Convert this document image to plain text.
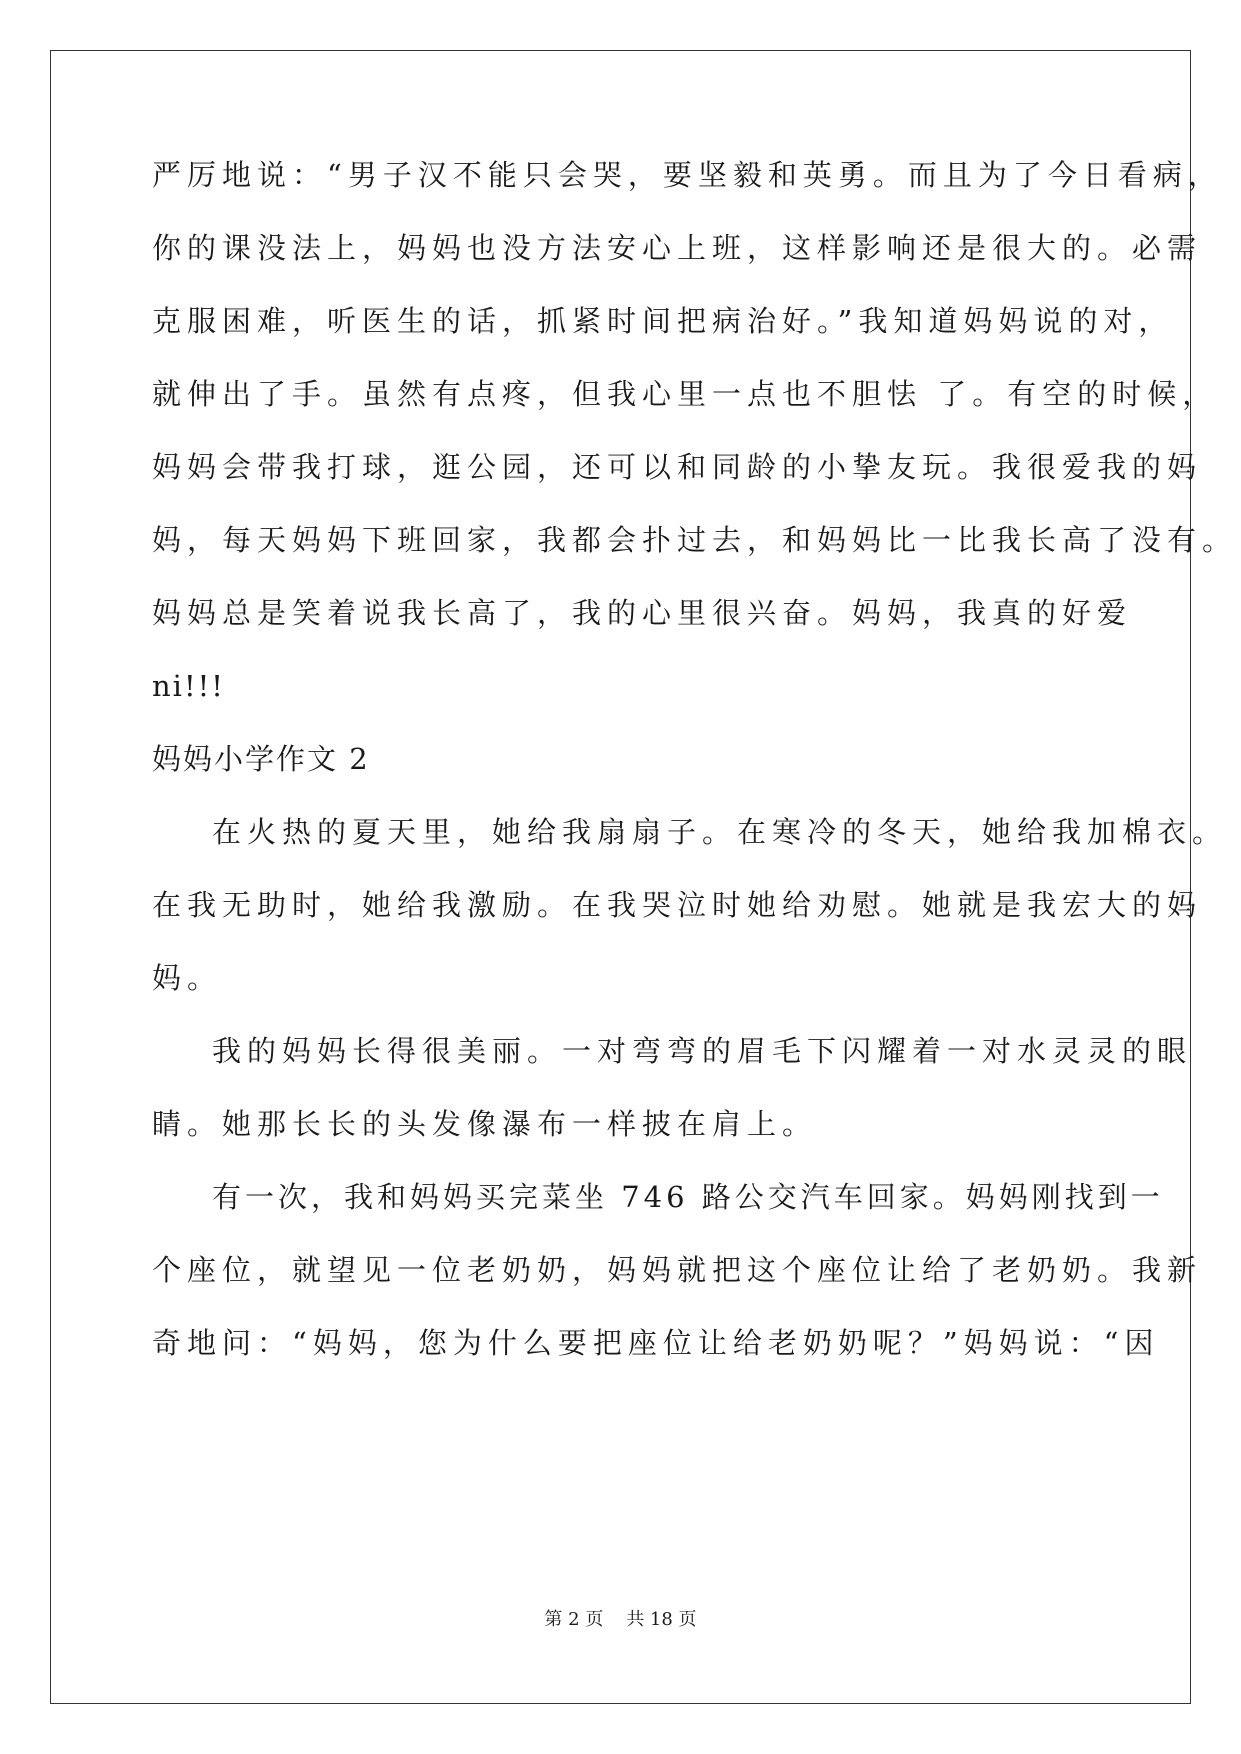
严厉地说：“男子汉不能只会哭，要坚毅和英勇。而且为了今日看病，
你的课没法上，妈妈也没方法安心上班，这样影响还是很大的。必需
克服困难，听医生的话，抓紧时间把病治好。”我知道妈妈说的对，
就伸出了手。虽然有点疼，但我心里一点也不胆怯 了。有空的时候，
妈妈会带我打球，逛公园，还可以和同龄的小挚友玩。我很爱我的妈
妈，每天妈妈下班回家，我都会扑过去，和妈妈比一比我长高了没有。
妈妈总是笑着说我长高了，我的心里很兴奋。妈妈，我真的好爱
ni!!!
妈妈小学作文 2
在火热的夏天里，她给我扇扇子。在寒冷的冬天，她给我加棉衣。
在我无助时，她给我激励。在我哭泣时她给劝慰。她就是我宏大的妈
妈。
我的妈妈长得很美丽。一对弯弯的眉毛下闪耀着一对水灵灵的眼
睛。她那长长的头发像瀑布一样披在肩上。
有一次，我和妈妈买完菜坐 746 路公交汽车回家。妈妈刚找到一
个座位，就望见一位老奶奶，妈妈就把这个座位让给了老奶奶。我新
奇地问：“妈妈，您为什么要把座位让给老奶奶呢？”妈妈说：“因
第 2 页    共 18 页
